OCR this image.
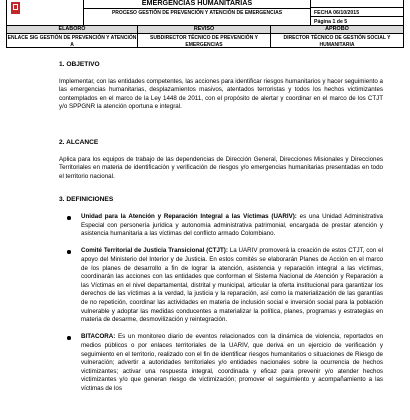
EMERGENCIAS HUMANITARIAS
PROCESO GESTIÓN DE PREVENCIÓN Y ATENCIÓN DE EMERGENCIAS	FECHA 06/10/2015
Página 1 de 5
ELABORÓ
ENLACE SIG GESTIÓN DE PREVENCIÓN Y ATENCIÓN A
REVISÓ
SUBDIRECTOR TÉCNICO DE PREVENCIÓN Y EMERGENCIAS
APROBÓ
DIRECTOR TÉCNICO DE GESTIÓN SOCIAL Y HUMANITARIA

1. OBJETIVO

Implementar, con las entidades competentes, las acciones para identificar riesgos humanitarios y hacer seguimiento a las emergencias humanitarias, desplazamientos masivos, atentados terroristas y todos los hechos victimizantes contemplados en el marco de la Ley 1448 de 2011, con el propósito de alertar y coordinar en el marco de los CTJT y/o SPPGNR la atención oportuna e integral.

2. ALCANCE

Aplica para los equipos de trabajo de las dependencias de Dirección General, Direcciones Misionales y Direcciones Territoriales en materia de identificación y verificación de riesgos y/o emergencias humanitarias presentadas en todo el territorio nacional.

3. DEFINICIONES

Unidad para la Atención y Reparación Integral a las Víctimas (UARIV): es una Unidad Administrativa Especial con personería jurídica y autonomía administrativa patrimonial, encargada de prestar atención y asistencia humanitaria a las víctimas del conflicto armado Colombiano.
Comité Territorial de Justicia Transicional (CTJT): La UARIV promoverá la creación de estos CTJT, con el apoyo del Ministerio del Interior y de Justicia. En estos comités se elaborarán Planes de Acción en el marco de los planes de desarrollo a fin de lograr la atención, asistencia y reparación integral a las víctimas, coordinarán las acciones con las entidades que conforman el Sistema Nacional de Atención y Reparación a las Víctimas en el nivel departamental, distrital y municipal, articular la oferta institucional para garantizar los derechos de las víctimas a la verdad, la justicia y la reparación, así como la materialización de las garantías de no repetición, coordinar las actividades en materia de inclusión social e inversión social para la población vulnerable y adoptar las medidas conducentes a materializar la política, planes, programas y estrategias en materia de desarme, desmovilización y reintegración.
BITACORA: Es un monitoreo diario de eventos relacionados con la dinámica de violencia, reportados en medios públicos o por enlaces territoriales de la UARIV, que deriva en un ejercicio de verificación y seguimiento en el territorio, realizado con el fin de identificar riesgos humanitarios o situaciones de Riesgo de vulneración; advertir a autoridades territoriales y/o entidades nacionales sobre la ocurrencia de hechos victimizantes; activar una respuesta integral, coordinada y eficaz para prevenir y/o atender hechos victimizantes y/o que generan riesgo de victimización; promover el seguimiento y acompañamiento a las víctimas de los
